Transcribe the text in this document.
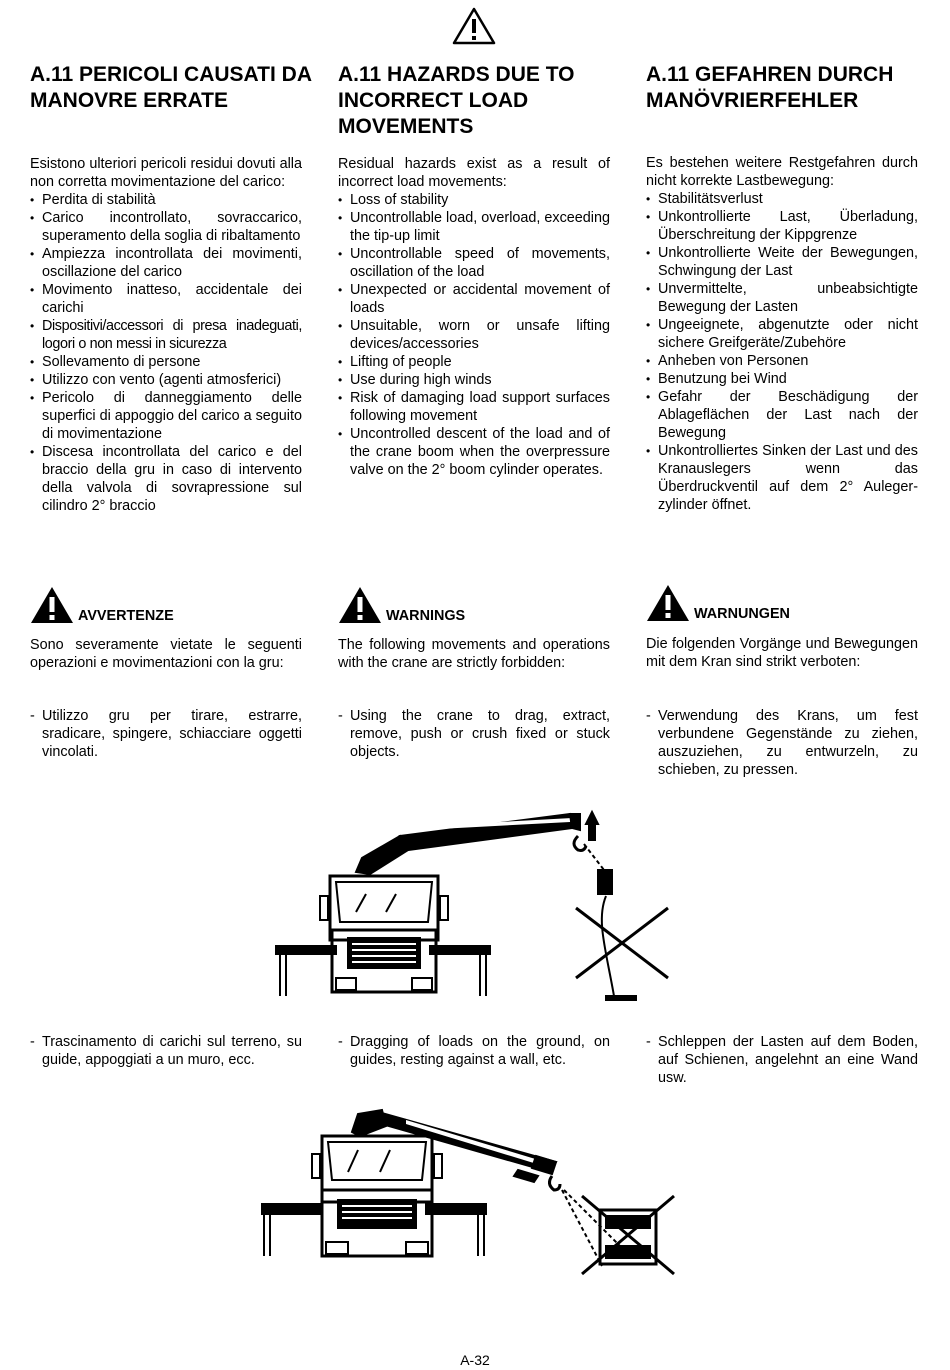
A.11 PERICOLI CAUSATI DA MANOVRE ERRATE
A.11 HAZARDS DUE TO INCORRECT LOAD MOVEMENTS
A.11 GEFAHREN DURCH MANÖVRIERFEHLER

Esistono ulteriori pericoli residui dovuti alla non corretta movimentazione del carico:

• Perdita di stabilità
• Carico incontrollato, sovraccarico, superamento della soglia di ribaltamento
• Ampiezza incontrollata dei movimenti, oscillazione del carico
• Movimento inatteso, accidentale dei carichi
• Dispositivi/accessori di presa inadeguati, logori o non messi in sicurezza
• Sollevamento di persone
• Utilizzo con vento (agenti atmosferici)
• Pericolo di danneggiamento delle superfici di appoggio del carico a seguito di movimentazione
• Discesa incontrollata del carico e del braccio della gru in caso di intervento della valvola di sovrapressione sul cilindro 2° braccio

Residual hazards exist as a result of incorrect load movements:

• Loss of stability
• Uncontrollable load, overload, exceeding the tip-up limit
• Uncontrollable speed of movements, oscillation of the load
• Unexpected or accidental movement of loads
• Unsuitable, worn or unsafe lifting devices/accessories
• Lifting of people
• Use during high winds
• Risk of damaging load support surfaces following movement
• Uncontrolled descent of the load and of the crane boom when the overpressure valve on the 2° boom cylinder operates.

Es bestehen weitere Restgefahren durch nicht korrekte Lastbewegung:

• Stabilitätsverlust
• Unkontrollierte Last, Überladung, Überschreitung der Kippgrenze
• Unkontrollierte Weite der Bewegungen, Schwingung der Last
• Unvermittelte, unbeabsichtigte Bewegung der Lasten
• Ungeeignete, abgenutzte oder nicht sichere Greifgeräte/Zubehöre
• Anheben von Personen
• Benutzung bei Wind
• Gefahr der Beschädigung der Ablageflächen der Last nach der Bewegung
• Unkontrolliertes Sinken der Last und des Kranauslegers wenn das Überdruckventil auf dem 2° Aulegerzylinder öffnet.
AVVERTENZE	WARNINGS	WARNUNGEN

Sono severamente vietate le seguenti operazioni e movimentazioni con la gru:

The following movements and operations with the crane are strictly forbidden:

Die folgenden Vorgänge und Bewegungen mit dem Kran sind strikt verboten:

- Utilizzo gru per tirare, estrarre, sradicare, spingere, schiacciare oggetti vincolati.
- Using the crane to drag, extract, remove, push or crush fixed or stuck objects.
- Verwendung des Krans, um fest verbundene Gegenstände zu ziehen, auszuziehen, zu entwurzeln, zu schieben, zu pressen.
- Trascinamento di carichi sul terreno, su guide, appoggiati a un muro, ecc.
- Dragging of loads on the ground, on guides, resting against a wall, etc.
- Schleppen der Lasten auf dem Boden, auf Schienen, angelehnt an eine Wand usw.
A-32
